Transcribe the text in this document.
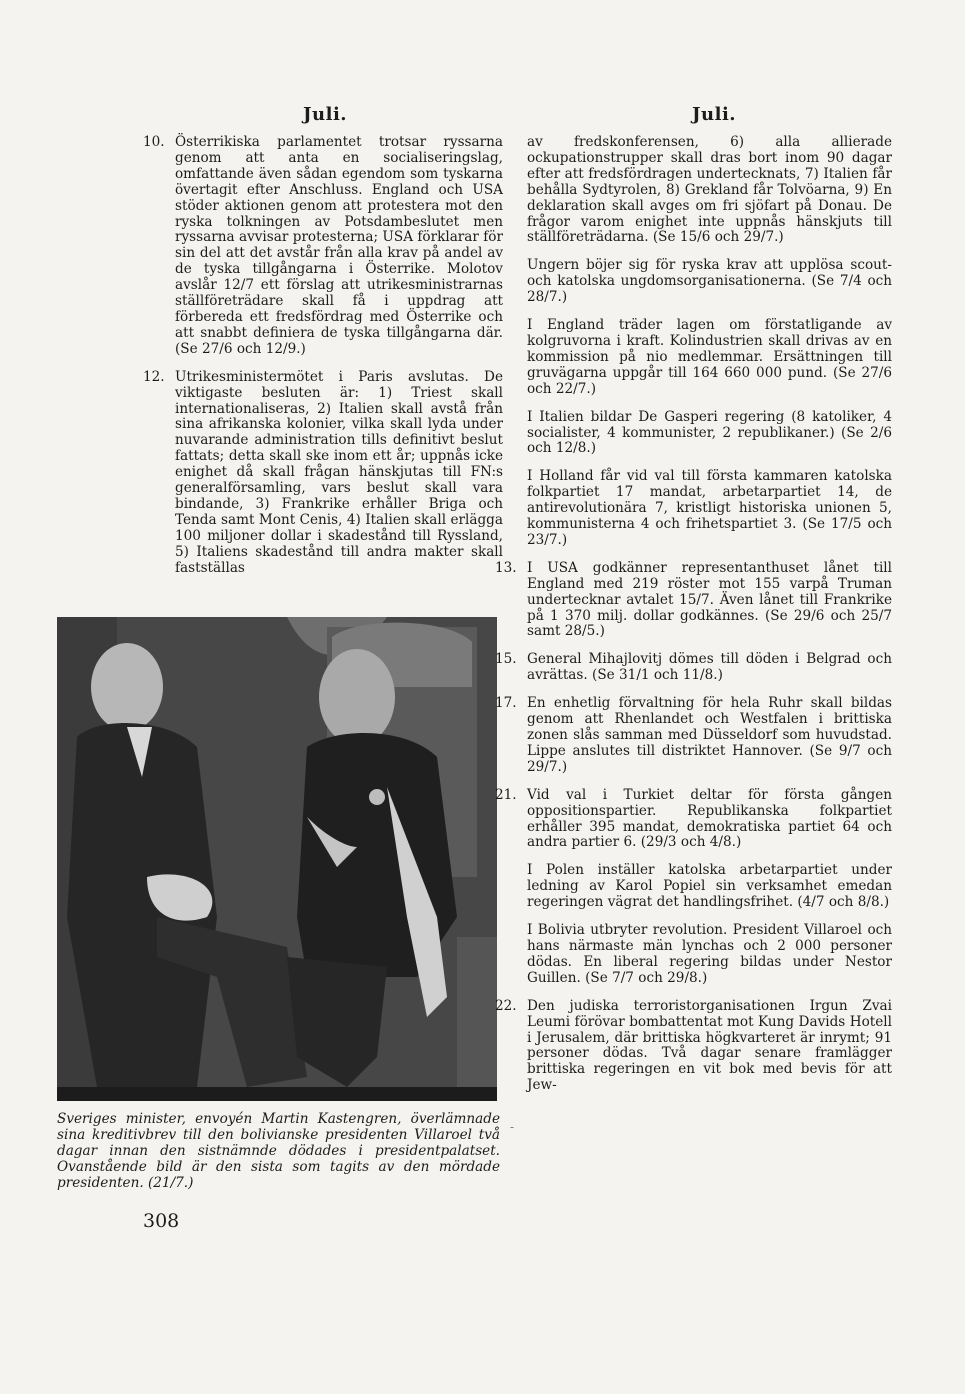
Juli.	Juli.
10. Österrikiska parlamentet trotsar ryssarna genom att anta en socialiseringslag, omfattande även sådan egendom som tyskarna övertagit efter Anschluss. England och USA stöder aktionen genom att protestera mot den ryska tolkningen av Potsdambeslutet men ryssarna avvisar protesterna; USA förklarar för sin del att det avstår från alla krav på andel av de tyska tillgångarna i Österrike. Molotov avslår 12/7 ett förslag att utrikesministrarnas ställföreträdare skall få i uppdrag att förbereda ett fredsfördrag med Österrike och att snabbt definiera de tyska tillgångarna där. (Se 27/6 och 12/9.)
12. Utrikesministermötet i Paris avslutas. De viktigaste besluten är: 1) Triest skall internationaliseras, 2) Italien skall avstå från sina afrikanska kolonier, vilka skall lyda under nuvarande administration tills definitivt beslut fattats; detta skall ske inom ett år; uppnås icke enighet då skall frågan hänskjutas till FN:s generalförsamling, vars beslut skall vara bindande, 3) Frankrike erhåller Briga och Tenda samt Mont Cenis, 4) Italien skall erlägga 100 miljoner dollar i skadestånd till Ryssland, 5) Italiens skadestånd till andra makter skall fastställas
Sveriges minister, envoyén Martin Kastengren, överlämnade sina kreditivbrev till den bolivianske presidenten Villaroel två dagar innan den sistnämnde dödades i presidentpalatset. Ovanstående bild är den sista som tagits av den mördade presidenten. (21/7.)
308
-
av fredskonferensen, 6) alla allierade ockupationstrupper skall dras bort inom 90 dagar efter att fredsfördragen undertecknats, 7) Italien får behålla Sydtyrolen, 8) Grekland får Tolvöarna, 9) En deklaration skall avges om fri sjöfart på Donau. De frågor varom enighet inte uppnås hänskjuts till ställföreträdarna. (Se 15/6 och 29/7.)
Ungern böjer sig för ryska krav att upplösa scout- och katolska ungdomsorganisationerna. (Se 7/4 och 28/7.)
I England träder lagen om förstatligande av kolgruvorna i kraft. Kolindustrien skall drivas av en kommission på nio medlemmar. Ersättningen till gruvägarna uppgår till 164 660 000 pund. (Se 27/6 och 22/7.)
I Italien bildar De Gasperi regering (8 katoliker, 4 socialister, 4 kommunister, 2 republikaner.) (Se 2/6 och 12/8.)
I Holland får vid val till första kammaren katolska folkpartiet 17 mandat, arbetarpartiet 14, de antirevolutionära 7, kristligt historiska unionen 5, kommunisterna 4 och frihetspartiet 3. (Se 17/5 och 23/7.)
13. I USA godkänner representanthuset lånet till England med 219 röster mot 155 varpå Truman undertecknar avtalet 15/7. Även lånet till Frankrike på 1 370 milj. dollar godkännes. (Se 29/6 och 25/7 samt 28/5.)
15. General Mihajlovitj dömes till döden i Belgrad och avrättas. (Se 31/1 och 11/8.)
17. En enhetlig förvaltning för hela Ruhr skall bildas genom att Rhenlandet och Westfalen i brittiska zonen slås samman med Düsseldorf som huvudstad. Lippe anslutes till distriktet Hannover. (Se 9/7 och 29/7.)
21. Vid val i Turkiet deltar för första gången oppositionspartier. Republikanska folkpartiet erhåller 395 mandat, demokratiska partiet 64 och andra partier 6. (29/3 och 4/8.)
I Polen inställer katolska arbetarpartiet under ledning av Karol Popiel sin verksamhet emedan regeringen vägrat det handlingsfrihet. (4/7 och 8/8.)
I Bolivia utbryter revolution. President Villaroel och hans närmaste män lynchas och 2 000 personer dödas. En liberal regering bildas under Nestor Guillen. (Se 7/7 och 29/8.)
22. Den judiska terroristorganisationen Irgun Zvai Leumi förövar bombattentat mot Kung Davids Hotell i Jerusalem, där brittiska högkvarteret är inrymt; 91 personer dödas. Två dagar senare framlägger brittiska regeringen en vit bok med bevis för att Jew-
